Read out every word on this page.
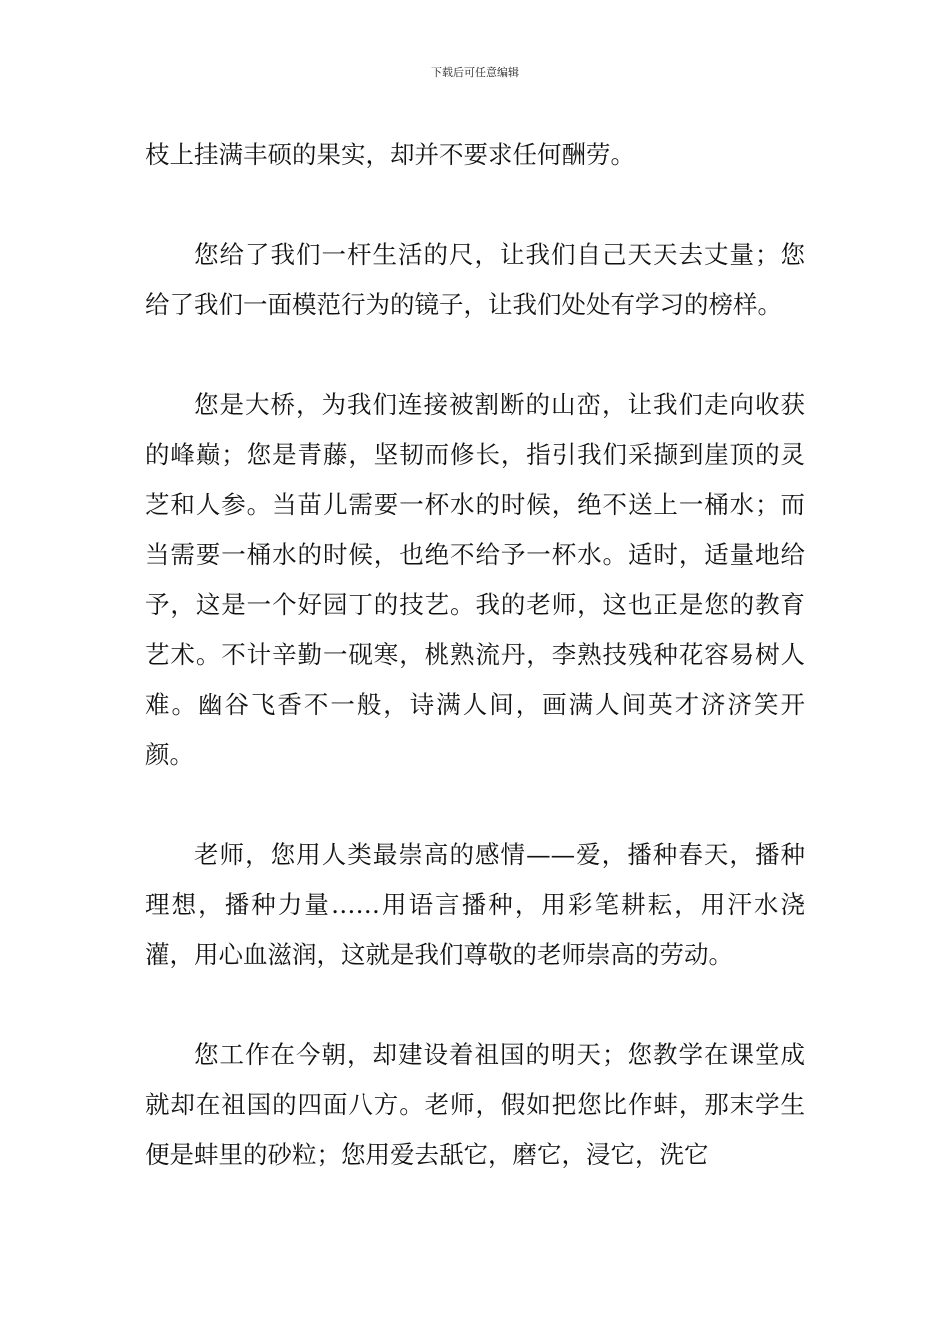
下载后可任意编辑

枝上挂满丰硕的果实，却并不要求任何酬劳。

您给了我们一杆生活的尺，让我们自己天天去丈量；您给了我们一面模范行为的镜子，让我们处处有学习的榜样。

您是大桥，为我们连接被割断的山峦，让我们走向收获的峰巅；您是青藤，坚韧而修长，指引我们采撷到崖顶的灵芝和人参。当苗儿需要一杯水的时候，绝不送上一桶水；而当需要一桶水的时候，也绝不给予一杯水。适时，适量地给予，这是一个好园丁的技艺。我的老师，这也正是您的教育艺术。不计辛勤一砚寒，桃熟流丹，李熟技残种花容易树人难。幽谷飞香不一般，诗满人间，画满人间英才济济笑开颜。

老师，您用人类最崇高的感情——爱，播种春天，播种理想，播种力量……用语言播种，用彩笔耕耘，用汗水浇灌，用心血滋润，这就是我们尊敬的老师崇高的劳动。

您工作在今朝，却建设着祖国的明天；您教学在课堂成就却在祖国的四面八方。老师，假如把您比作蚌，那末学生便是蚌里的砂粒；您用爱去舐它，磨它，浸它，洗它
